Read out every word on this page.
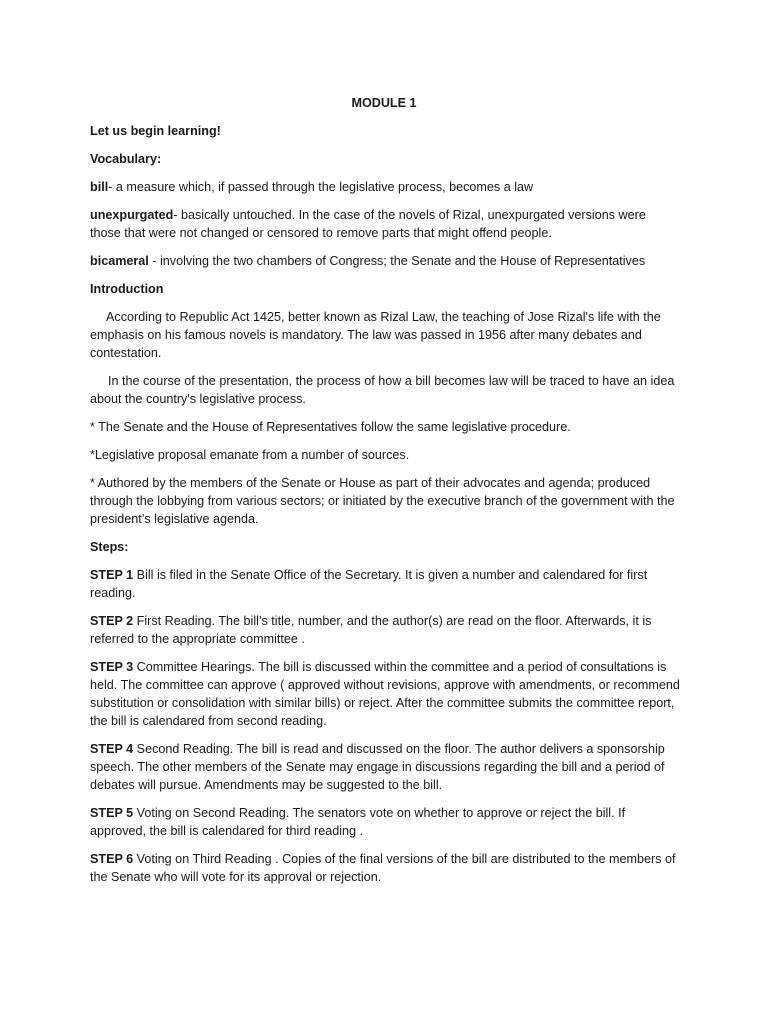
MODULE 1

Let us begin learning!

Vocabulary:

bill- a measure which, if passed through the legislative process, becomes a law

unexpurgated- basically untouched. In the case of the novels of Rizal, unexpurgated versions were those that were not changed or censored to remove parts that might offend people.

bicameral - involving the two chambers of Congress; the Senate and the House of Representatives

Introduction

According to Republic Act 1425, better known as Rizal Law, the teaching of Jose Rizal's life with the emphasis on his famous novels is mandatory. The law was passed in 1956 after many debates and contestation.

In the course of the presentation, the process of how a bill becomes law will be traced to have an idea about the country's legislative process.

* The Senate and the House of Representatives follow the same legislative procedure.

*Legislative proposal emanate from a number of sources.

* Authored by the members of the Senate or House as part of their advocates and agenda; produced through the lobbying from various sectors; or initiated by the executive branch of the government with the president’s legislative agenda.

Steps:

STEP 1 Bill is filed in the Senate Office of the Secretary. It is given a number and calendared for first reading.

STEP 2 First Reading. The bill’s title, number, and the author(s) are read on the floor. Afterwards, it is referred to the appropriate committee .

STEP 3 Committee Hearings. The bill is discussed within the committee and a period of consultations is held. The committee can approve ( approved without revisions, approve with amendments, or recommend substitution or consolidation with similar bills) or reject. After the committee submits the committee report, the bill is calendared from second reading.

STEP 4 Second Reading. The bill is read and discussed on the floor. The author delivers a sponsorship speech. The other members of the Senate may engage in discussions regarding the bill and a period of debates will pursue. Amendments may be suggested to the bill.

STEP 5 Voting on Second Reading. The senators vote on whether to approve or reject the bill. If approved, the bill is calendared for third reading .

STEP 6 Voting on Third Reading . Copies of the final versions of the bill are distributed to the members of the Senate who will vote for its approval or rejection.
